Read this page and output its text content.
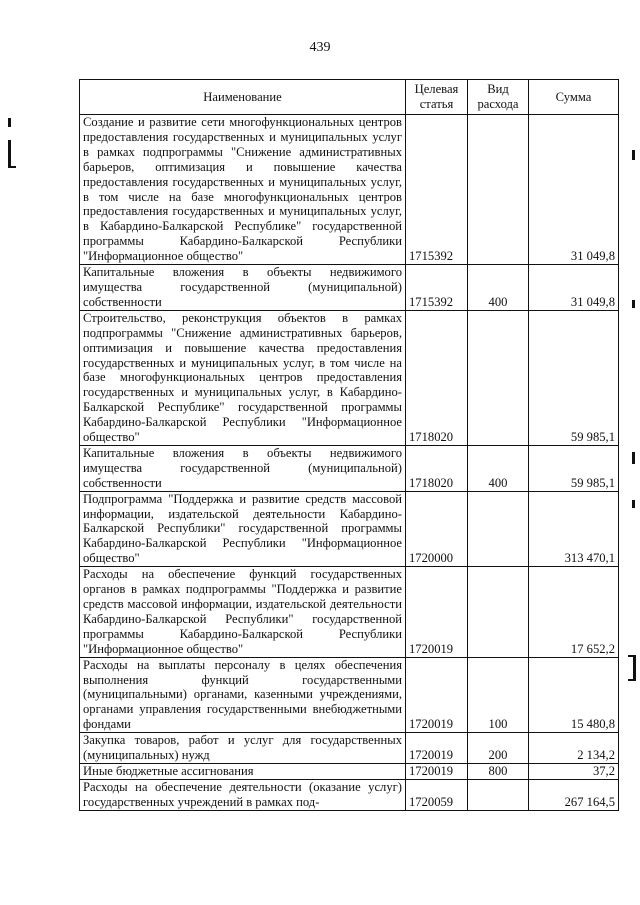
439
Наименование	Целевая статья	Вид расхода	Сумма
Создание и развитие сети многофункциональных центров предоставления государственных и муниципальных услуг в рамках подпрограммы "Снижение административных барьеров, оптимизация и повышение качества предоставления государственных и муниципальных услуг, в том числе на базе многофункциональных центров предоставления государственных и муниципальных услуг, в Кабардино-Балкарской Республике" государственной программы Кабардино-Балкарской Республики "Информационное общество"	1715392		31 049,8
Капитальные вложения в объекты недвижимого имущества государственной (муниципальной) собственности	1715392	400	31 049,8
Строительство, реконструкция объектов в рамках подпрограммы "Снижение административных барьеров, оптимизация и повышение качества предоставления государственных и муниципальных услуг, в том числе на базе многофункциональных центров предоставления государственных и муниципальных услуг, в Кабардино-Балкарской Республике" государственной программы Кабардино-Балкарской Республики "Информационное общество"	1718020		59 985,1
Капитальные вложения в объекты недвижимого имущества государственной (муниципальной) собственности	1718020	400	59 985,1
Подпрограмма "Поддержка и развитие средств массовой информации, издательской деятельности Кабардино-Балкарской Республики" государственной программы Кабардино-Балкарской Республики "Информационное общество"	1720000		313 470,1
Расходы на обеспечение функций государственных органов в рамках подпрограммы "Поддержка и развитие средств массовой информации, издательской деятельности Кабардино-Балкарской Республики" государственной программы Кабардино-Балкарской Республики "Информационное общество"	1720019		17 652,2
Расходы на выплаты персоналу в целях обеспечения выполнения функций государственными (муниципальными) органами, казенными учреждениями, органами управления государственными внебюджетными фондами	1720019	100	15 480,8
Закупка товаров, работ и услуг для государственных (муниципальных) нужд	1720019	200	2 134,2
Иные бюджетные ассигнования	1720019	800	37,2
Расходы на обеспечение деятельности (оказание услуг) государственных учреждений в рамках под-	1720059		267 164,5
